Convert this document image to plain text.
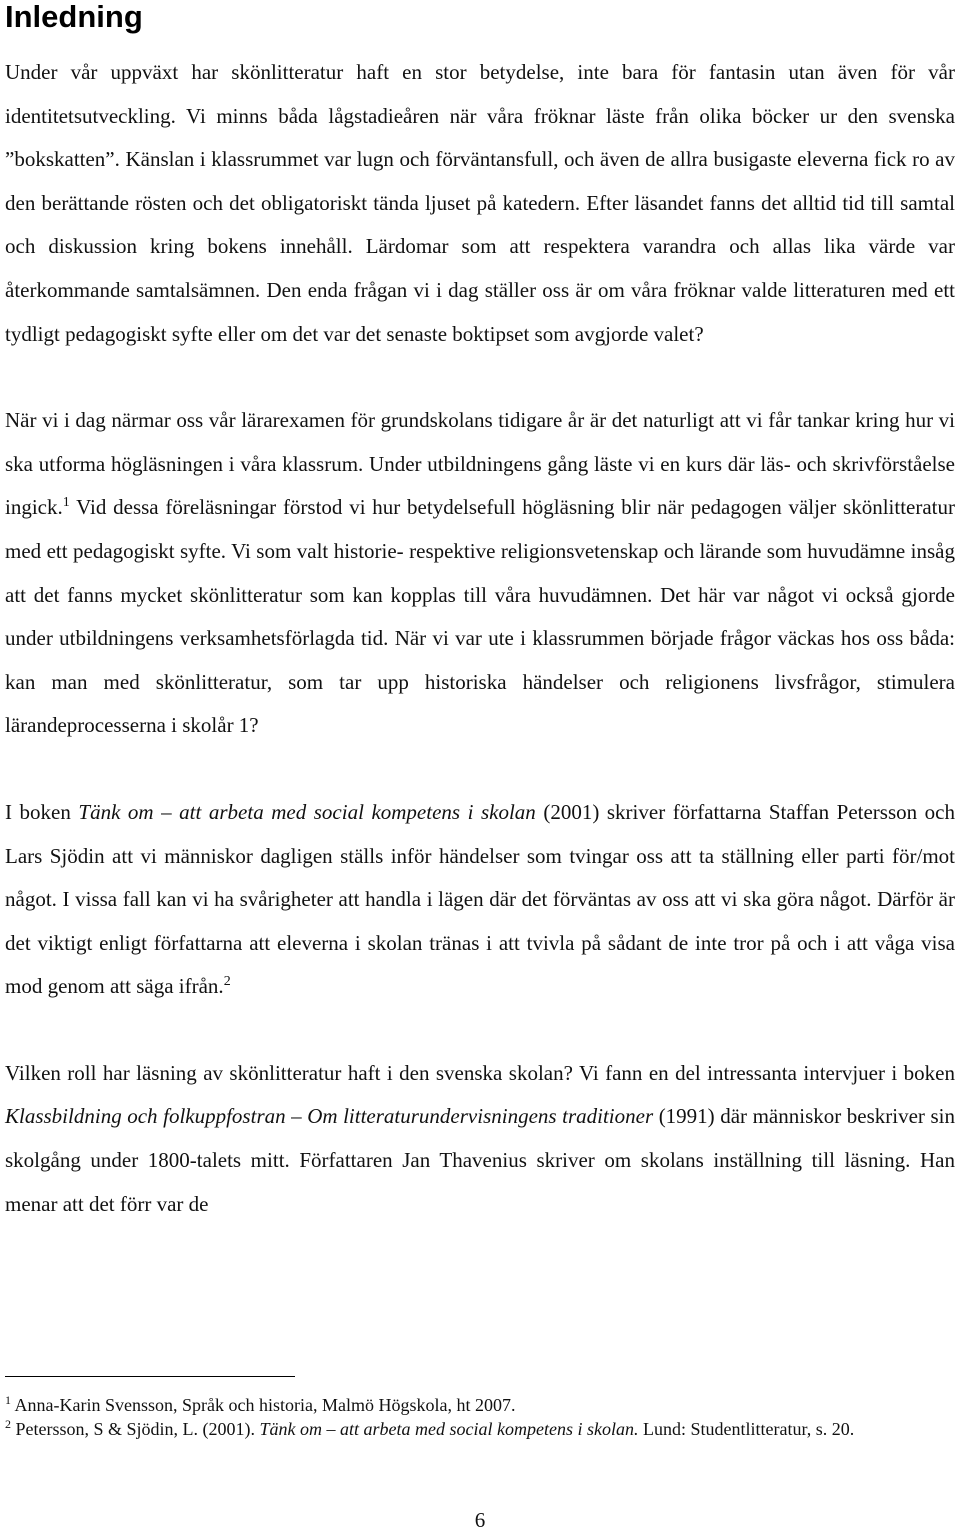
Inledning

Under vår uppväxt har skönlitteratur haft en stor betydelse, inte bara för fantasin utan även för vår identitetsutveckling. Vi minns båda lågstadieåren när våra fröknar läste från olika böcker ur den svenska ”bokskatten”. Känslan i klassrummet var lugn och förväntansfull, och även de allra busigaste eleverna fick ro av den berättande rösten och det obligatoriskt tända ljuset på katedern. Efter läsandet fanns det alltid tid till samtal och diskussion kring bokens innehåll. Lärdomar som att respektera varandra och allas lika värde var återkommande samtalsämnen. Den enda frågan vi i dag ställer oss är om våra fröknar valde litteraturen med ett tydligt pedagogiskt syfte eller om det var det senaste boktipset som avgjorde valet?

När vi i dag närmar oss vår lärarexamen för grundskolans tidigare år är det naturligt att vi får tankar kring hur vi ska utforma högläsningen i våra klassrum. Under utbildningens gång läste vi en kurs där läs- och skrivförståelse ingick.$^1$ Vid dessa föreläsningar förstod vi hur betydelsefull högläsning blir när pedagogen väljer skönlitteratur med ett pedagogiskt syfte. Vi som valt historie- respektive religionsvetenskap och lärande som huvudämne insåg att det fanns mycket skönlitteratur som kan kopplas till våra huvudämnen. Det här var något vi också gjorde under utbildningens verksamhetsförlagda tid. När vi var ute i klassrummen började frågor väckas hos oss båda: kan man med skönlitteratur, som tar upp historiska händelser och religionens livsfrågor, stimulera lärandeprocesserna i skolår 1?

I boken Tänk om – att arbeta med social kompetens i skolan (2001) skriver författarna Staffan Petersson och Lars Sjödin att vi människor dagligen ställs inför händelser som tvingar oss att ta ställning eller parti för/mot något. I vissa fall kan vi ha svårigheter att handla i lägen där det förväntas av oss att vi ska göra något. Därför är det viktigt enligt författarna att eleverna i skolan tränas i att tvivla på sådant de inte tror på och i att våga visa mod genom att säga ifrån.$^2$

Vilken roll har läsning av skönlitteratur haft i den svenska skolan? Vi fann en del intressanta intervjuer i boken Klassbildning och folkuppfostran – Om litteraturundervisningens traditioner (1991) där människor beskriver sin skolgång under 1800-talets mitt. Författaren Jan Thavenius skriver om skolans inställning till läsning. Han menar att det förr var de

$^1$ Anna-Karin Svensson, Språk och historia, Malmö Högskola, ht 2007.

$^2$ Petersson, S & Sjödin, L. (2001). Tänk om – att arbeta med social kompetens i skolan. Lund: Studentlitteratur, s. 20.

6
